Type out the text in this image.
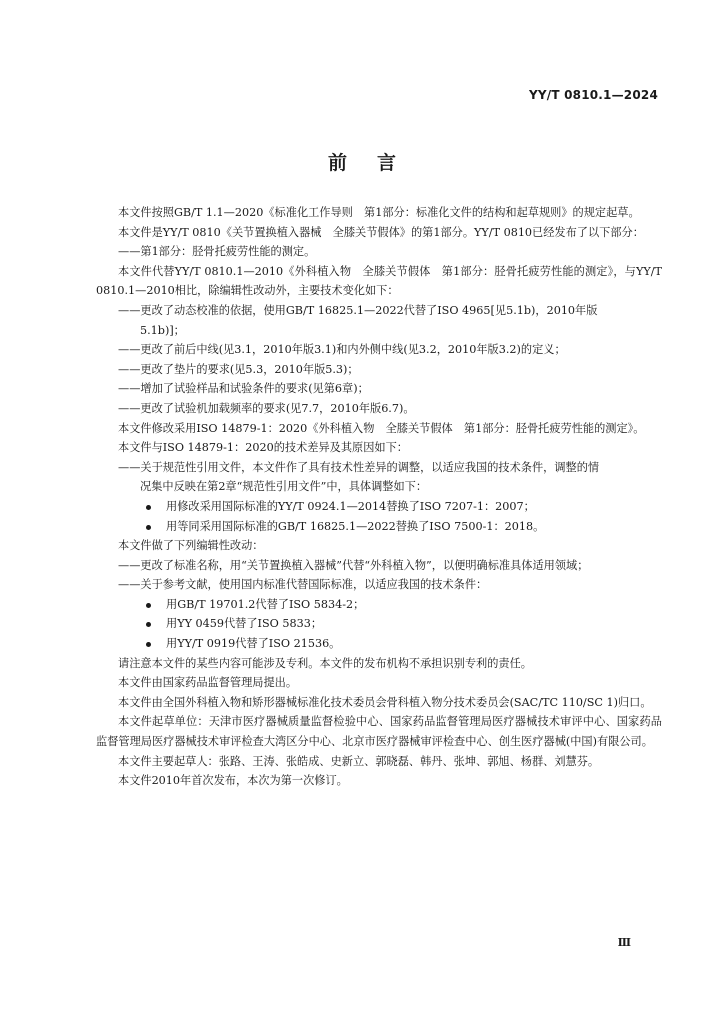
YY/T 0810.1—2024
前言

本文件按照GB/T 1.1—2020《标准化工作导则　第1部分：标准化文件的结构和起草规则》的规定起草。

本文件是YY/T 0810《关节置换植入器械　全膝关节假体》的第1部分。YY/T 0810已经发布了以下部分：

——第1部分：胫骨托疲劳性能的测定。

本文件代替YY/T 0810.1—2010《外科植入物　全膝关节假体　第1部分：胫骨托疲劳性能的测定》，与YY/T 0810.1—2010相比，除编辑性改动外，主要技术变化如下：

——更改了动态校准的依据，使用GB/T 16825.1—2022代替了ISO 4965[见5.1b)，2010年版
5.1b)]；

——更改了前后中线(见3.1，2010年版3.1)和内外侧中线(见3.2，2010年版3.2)的定义；

——更改了垫片的要求(见5.3，2010年版5.3)；

——增加了试验样品和试验条件的要求(见第6章)；

——更改了试验机加载频率的要求(见7.7，2010年版6.7)。

本文件修改采用ISO 14879-1：2020《外科植入物　全膝关节假体　第1部分：胫骨托疲劳性能的测定》。

本文件与ISO 14879-1：2020的技术差异及其原因如下：

——关于规范性引用文件，本文件作了具有技术性差异的调整，以适应我国的技术条件，调整的情
况集中反映在第2章“规范性引用文件”中，具体调整如下：

用修改采用国际标准的YY/T 0924.1—2014替换了ISO 7207-1：2007；

用等同采用国际标准的GB/T 16825.1—2022替换了ISO 7500-1：2018。

本文件做了下列编辑性改动：

——更改了标准名称，用“关节置换植入器械”代替“外科植入物”，以便明确标准具体适用领域；

——关于参考文献，使用国内标准代替国际标准，以适应我国的技术条件：

用GB/T 19701.2代替了ISO 5834-2；

用YY 0459代替了ISO 5833；

用YY/T 0919代替了ISO 21536。

请注意本文件的某些内容可能涉及专利。本文件的发布机构不承担识别专利的责任。

本文件由国家药品监督管理局提出。

本文件由全国外科植入物和矫形器械标准化技术委员会骨科植入物分技术委员会(SAC/TC 110/SC 1)归口。

本文件起草单位：天津市医疗器械质量监督检验中心、国家药品监督管理局医疗器械技术审评中心、国家药品监督管理局医疗器械技术审评检查大湾区分中心、北京市医疗器械审评检查中心、创生医疗器械(中国)有限公司。

本文件主要起草人：张路、王涛、张皓成、史新立、郭晓磊、韩丹、张坤、郭旭、杨群、刘慧芬。

本文件2010年首次发布，本次为第一次修订。

Ⅲ
